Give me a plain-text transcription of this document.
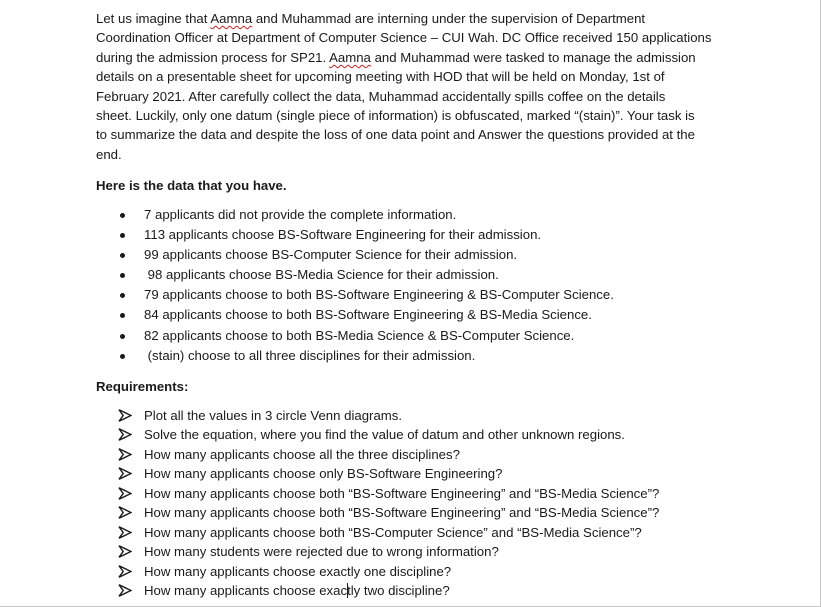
Let us imagine that Aamna and Muhammad are interning under the supervision of Department
Coordination Officer at Department of Computer Science – CUI Wah. DC Office received 150 applications
during the admission process for SP21. Aamna and Muhammad were tasked to manage the admission
details on a presentable sheet for upcoming meeting with HOD that will be held on Monday, 1st of
February 2021. After carefully collect the data, Muhammad accidentally spills coffee on the details
sheet. Luckily, only one datum (single piece of information) is obfuscated, marked “(stain)”. Your task is
to summarize the data and despite the loss of one data point and Answer the questions provided at the
end.

Here is the data that you have.

7 applicants did not provide the complete information.
113 applicants choose BS-Software Engineering for their admission.
99 applicants choose BS-Computer Science for their admission.
98 applicants choose BS-Media Science for their admission.
79 applicants choose to both BS-Software Engineering & BS-Computer Science.
84 applicants choose to both BS-Software Engineering & BS-Media Science.
82 applicants choose to both BS-Media Science & BS-Computer Science.
(stain) choose to all three disciplines for their admission.

Requirements:

Plot all the values in 3 circle Venn diagrams.
Solve the equation, where you find the value of datum and other unknown regions.
How many applicants choose all the three disciplines?
How many applicants choose only BS-Software Engineering?
How many applicants choose both “BS-Software Engineering” and “BS-Media Science”?
How many applicants choose both “BS-Software Engineering” and “BS-Media Science”?
How many applicants choose both “BS-Computer Science” and “BS-Media Science”?
How many students were rejected due to wrong information?
How many applicants choose exactly one discipline?
How many applicants choose exactly two discipline?
